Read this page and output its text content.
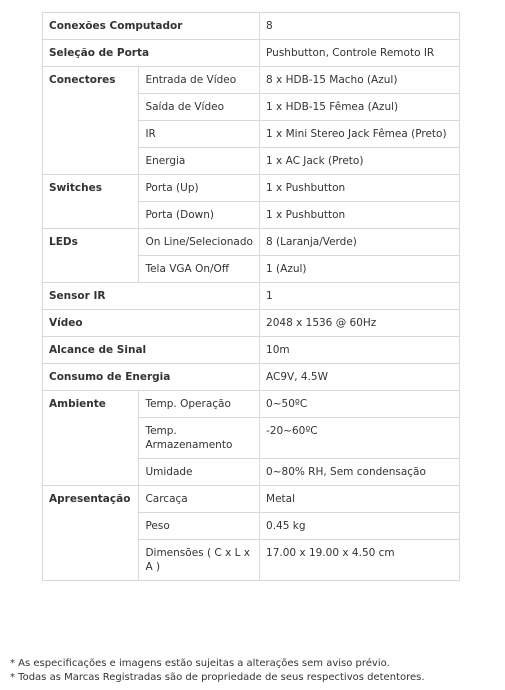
Conexões Computador		8
Seleção de Porta		Pushbutton, Controle Remoto IR
Conectores	Entrada de Vídeo	8 x HDB-15 Macho (Azul)
	Saída de Vídeo	1 x HDB-15 Fêmea (Azul)
	IR	1 x Mini Stereo Jack Fêmea (Preto)
	Energia	1 x AC Jack (Preto)
Switches	Porta (Up)	1 x Pushbutton
	Porta (Down)	1 x Pushbutton
LEDs	On Line/Selecionado	8 (Laranja/Verde)
	Tela VGA On/Off	1 (Azul)
Sensor IR		1
Vídeo		2048 x 1536 @ 60Hz
Alcance de Sinal		10m
Consumo de Energia		AC9V, 4.5W
Ambiente	Temp. Operação	0~50ºC
	Temp. Armazenamento	-20~60ºC
	Umidade	0~80% RH, Sem condensação
Apresentação	Carcaça	Metal
	Peso	0.45 kg
	Dimensões ( C x L x A )	17.00 x 19.00 x 4.50 cm
* As especificações e imagens estão sujeitas a alterações sem aviso prévio.
* Todas as Marcas Registradas são de propriedade de seus respectivos detentores.
